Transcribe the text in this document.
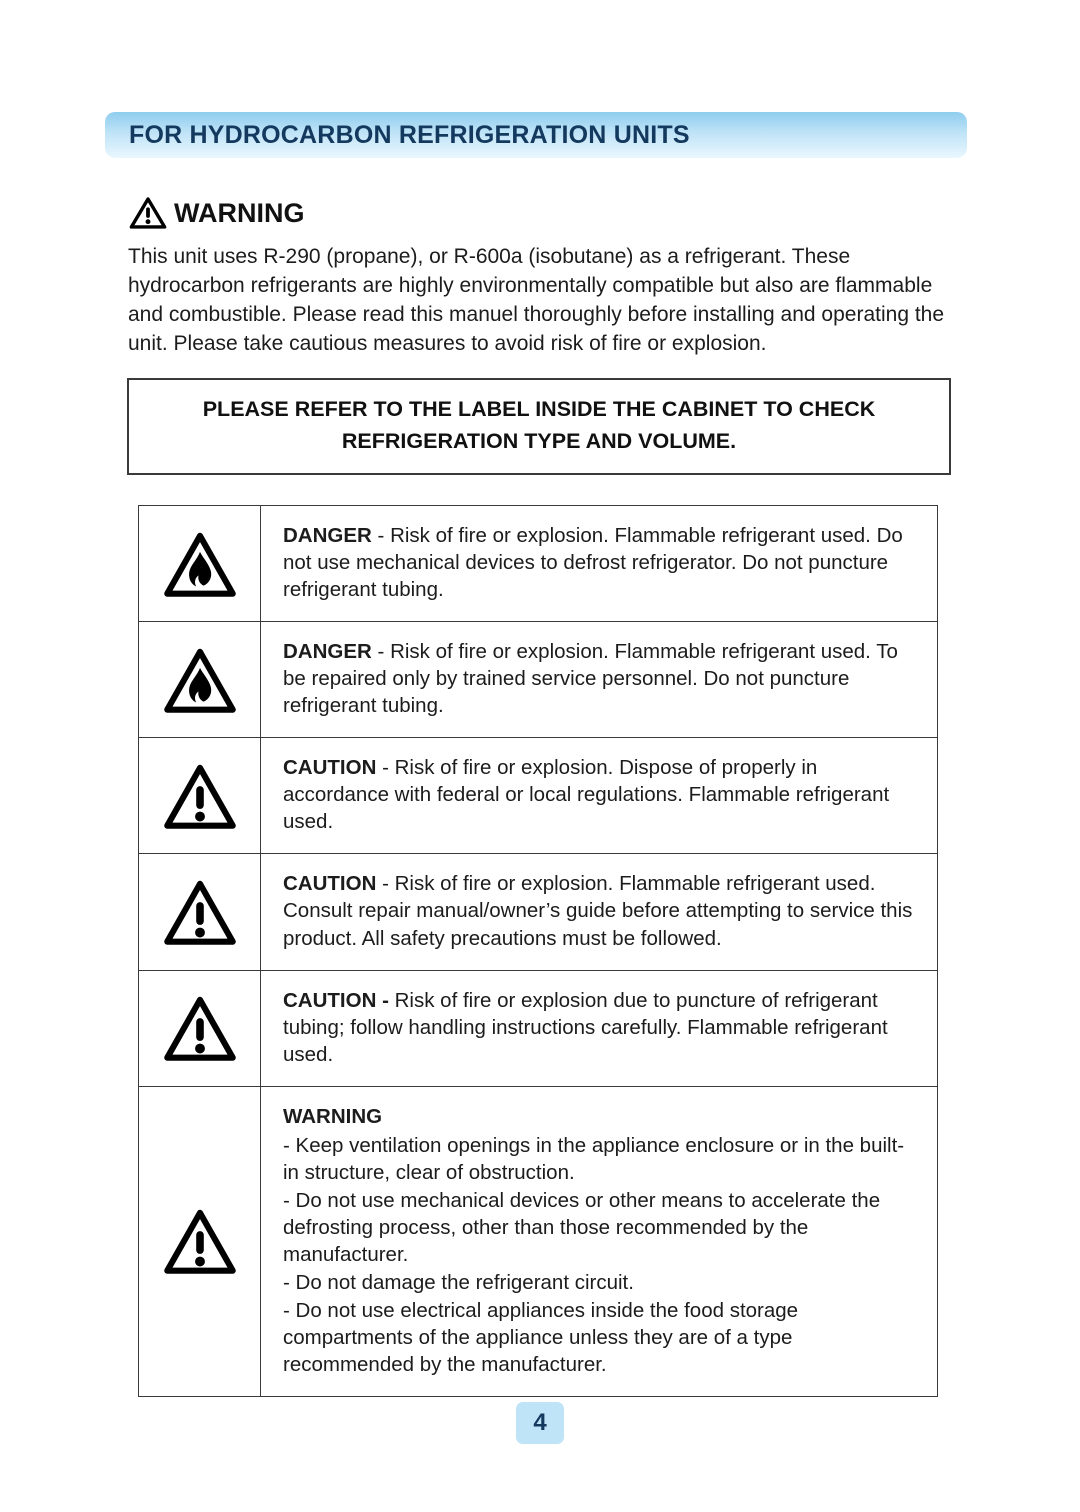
FOR HYDROCARBON REFRIGERATION UNITS
WARNING

This unit uses R-290 (propane), or R-600a (isobutane) as a refrigerant. These hydrocarbon refrigerants are highly environmentally compatible but also are flammable and combustible. Please read this manuel thoroughly before installing and operating the unit. Please take cautious measures to avoid risk of fire or explosion.

PLEASE REFER TO THE LABEL INSIDE THE CABINET TO CHECK
REFRIGERATION TYPE AND VOLUME.
	DANGER - Risk of fire or explosion. Flammable refrigerant used. Do not use mechanical devices to defrost refrigerator. Do not puncture refrigerant tubing.
	DANGER - Risk of fire or explosion. Flammable refrigerant used. To be repaired only by trained service personnel. Do not puncture refrigerant tubing.
	CAUTION - Risk of fire or explosion. Dispose of properly in accordance with federal or local regulations. Flammable refrigerant used.
	CAUTION - Risk of fire or explosion. Flammable refrigerant used. Consult repair manual/owner’s guide before attempting to service this product. All safety precautions must be followed.
	CAUTION - Risk of fire or explosion due to puncture of refrigerant tubing; follow handling instructions carefully. Flammable refrigerant used.

WARNING
- Keep ventilation openings in the appliance enclosure or in the built-in structure, clear of obstruction.
- Do not use mechanical devices or other means to accelerate the defrosting process, other than those recommended by the manufacturer.
- Do not damage the refrigerant circuit.
- Do not use electrical appliances inside the food storage compartments of the appliance unless they are of a type recommended by the manufacturer.
4
